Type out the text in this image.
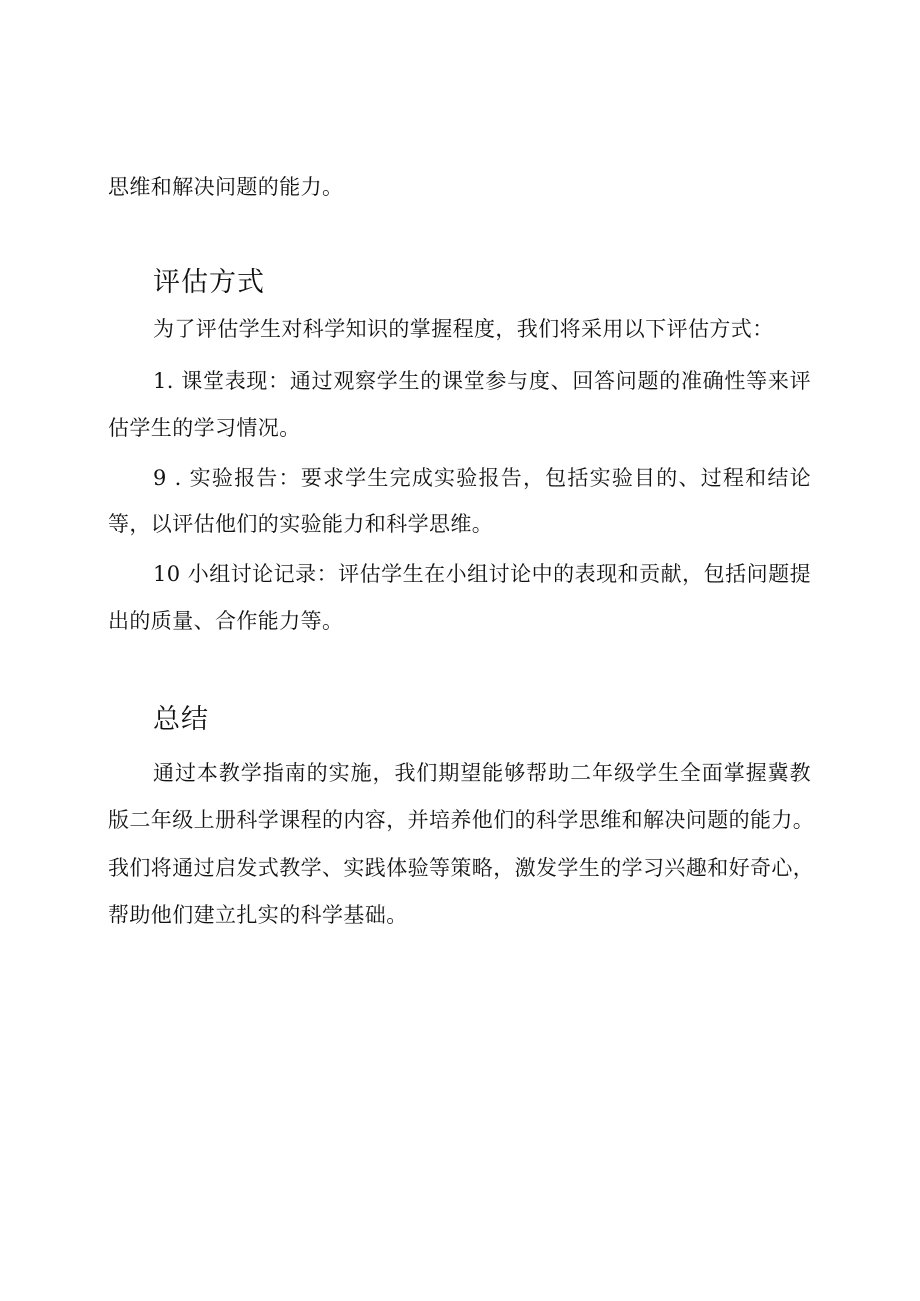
思维和解决问题的能力。

评估方式

为了评估学生对科学知识的掌握程度，我们将采用以下评估方式：

1. 课堂表现：通过观察学生的课堂参与度、回答问题的准确性等来评

估学生的学习情况。

9 . 实验报告：要求学生完成实验报告，包括实验目的、过程和结论

等，以评估他们的实验能力和科学思维。

10 小组讨论记录：评估学生在小组讨论中的表现和贡献，包括问题提

出的质量、合作能力等。

总结

通过本教学指南的实施，我们期望能够帮助二年级学生全面掌握冀教

版二年级上册科学课程的内容，并培养他们的科学思维和解决问题的能力。

我们将通过启发式教学、实践体验等策略，激发学生的学习兴趣和好奇心，

帮助他们建立扎实的科学基础。
